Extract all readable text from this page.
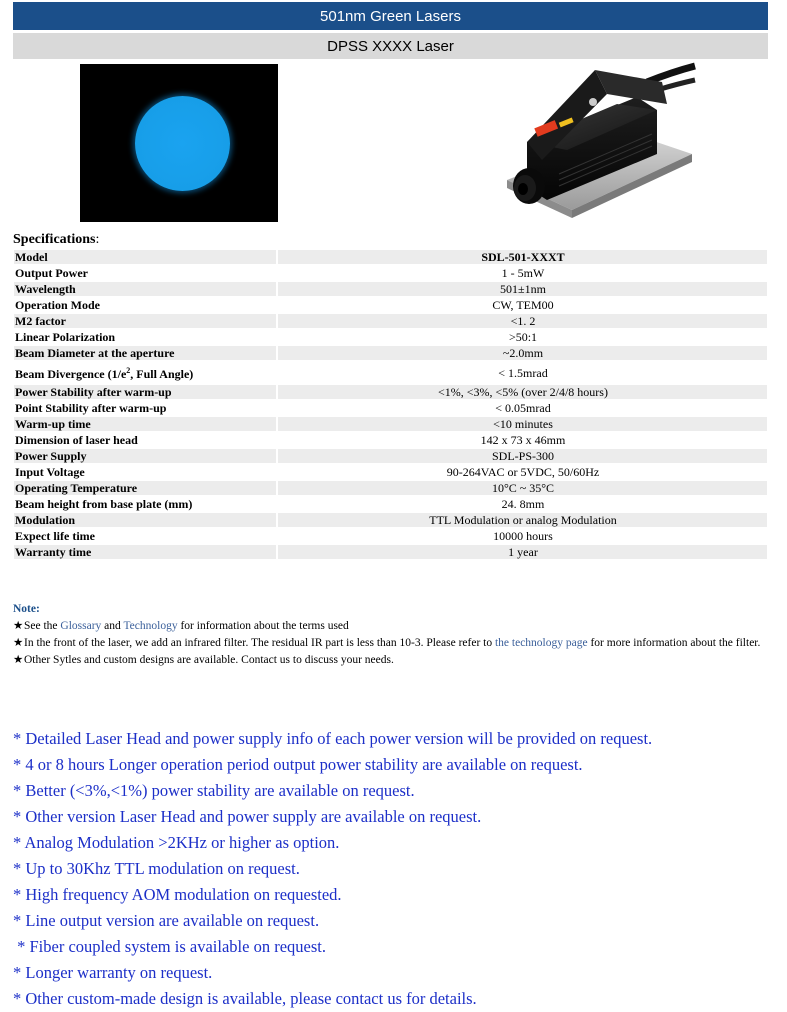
501nm Green Lasers
DPSS XXXX Laser
Specifications:
Model	SDL-501-XXXT
Output Power	1 - 5mW
Wavelength	501±1nm
Operation Mode	CW, TEM00
M2 factor	<1. 2
Linear Polarization	>50:1
Beam Diameter at the aperture	~2.0mm
Beam Divergence ($1/e^2$, Full Angle)	< 1.5mrad
Power Stability after warm-up	<1%, <3%, <5% (over 2/4/8 hours)
Point Stability after warm-up	< 0.05mrad
Warm-up time	<10 minutes
Dimension of laser head	142 x 73 x 46mm
Power Supply	SDL-PS-300
Input Voltage	90-264VAC or 5VDC, 50/60Hz
Operating Temperature	10°C ~ 35°C
Beam height from base plate (mm)	24. 8mm
Modulation	TTL Modulation or analog Modulation
Expect life time	10000 hours
Warranty time	1 year
Note:
★ See the Glossary and Technology for information about the terms used
★ In the front of the laser, we add an infrared filter. The residual IR part is less than 10-3. Please refer to the technology page for more information about the filter.
★ Other Sytles and custom designs are available. Contact us to discuss your needs.
* Detailed Laser Head and power supply info of each power version will be provided on request.
* 4 or 8 hours Longer operation period output power stability are available on request.
* Better (<3%,<1%) power stability are available on request.
* Other version Laser Head and power supply are available on request.
* Analog Modulation >2KHz or higher as option.
* Up to 30Khz TTL modulation on request.
* High frequency AOM modulation on requested.
* Line output version are available on request.
* Fiber coupled system is available on request.
* Longer warranty on request.
* Other custom-made design is available, please contact us for details.
